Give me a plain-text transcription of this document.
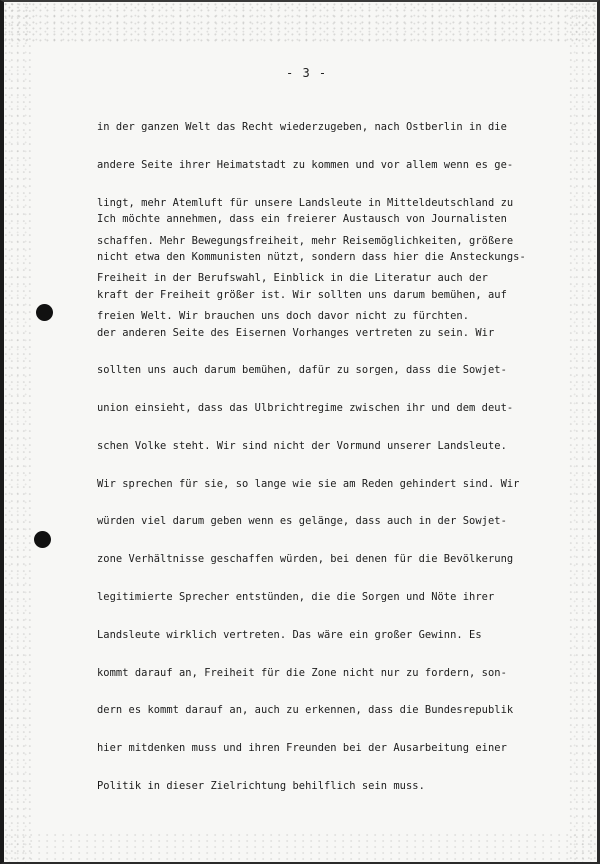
- 3 -

in der ganzen Welt das Recht wiederzugeben, nach Ostberlin in die

andere Seite ihrer Heimatstadt zu kommen und vor allem wenn es ge-

lingt, mehr Atemluft für unsere Landsleute in Mitteldeutschland zu

schaffen. Mehr Bewegungsfreiheit, mehr Reisemöglichkeiten, größere

Freiheit in der Berufswahl, Einblick in die Literatur auch der

freien Welt. Wir brauchen uns doch davor nicht zu fürchten.

Ich möchte annehmen, dass ein freierer Austausch von Journalisten

nicht etwa den Kommunisten nützt, sondern dass hier die Ansteckungs-

kraft der Freiheit größer ist. Wir sollten uns darum bemühen, auf

der anderen Seite des Eisernen Vorhanges vertreten zu sein. Wir

sollten uns auch darum bemühen, dafür zu sorgen, dass die Sowjet-

union einsieht, dass das Ulbrichtregime zwischen ihr und dem deut-

schen Volke steht. Wir sind nicht der Vormund unserer Landsleute.

Wir sprechen für sie, so lange wie sie am Reden gehindert sind. Wir

würden viel darum geben wenn es gelänge, dass auch in der Sowjet-

zone Verhältnisse geschaffen würden, bei denen für die Bevölkerung

legitimierte Sprecher entstünden, die die Sorgen und Nöte ihrer

Landsleute wirklich vertreten. Das wäre ein großer Gewinn. Es

kommt darauf an, Freiheit für die Zone nicht nur zu fordern, son-

dern es kommt darauf an, auch zu erkennen, dass die Bundesrepublik

hier mitdenken muss und ihren Freunden bei der Ausarbeitung einer

Politik in dieser Zielrichtung behilflich sein muss.
